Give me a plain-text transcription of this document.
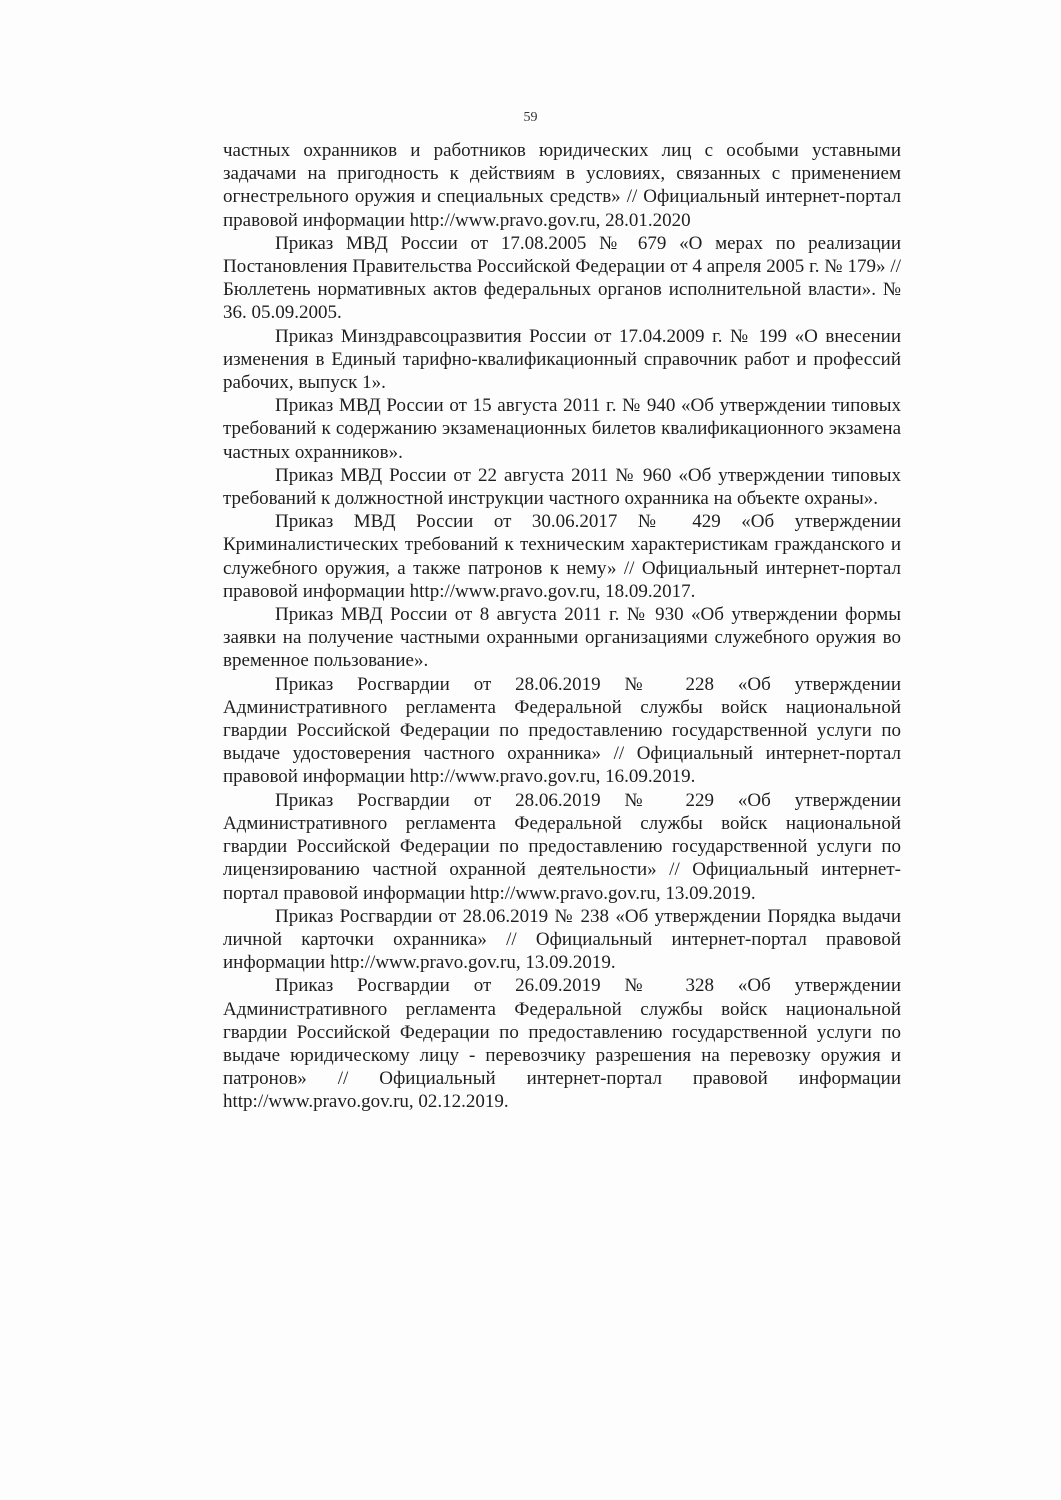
59

частных охранников и работников юридических лиц с особыми уставными задачами на пригодность к действиям в условиях, связанных с применением огнестрельного оружия и специальных средств» // Официальный интернет-портал правовой информации http://www.pravo.gov.ru, 28.01.2020

Приказ МВД России от 17.08.2005 № 679 «О мерах по реализации Постановления Правительства Российской Федерации от 4 апреля 2005 г. № 179» // Бюллетень нормативных актов федеральных органов исполнительной власти». № 36. 05.09.2005.

Приказ Минздравсоцразвития России от 17.04.2009 г. № 199 «О внесении изменения в Единый тарифно-квалификационный справочник работ и профессий рабочих, выпуск 1».

Приказ МВД России от 15 августа 2011 г. № 940 «Об утверждении типовых требований к содержанию экзаменационных билетов квалификационного экзамена частных охранников».

Приказ МВД России от 22 августа 2011 № 960 «Об утверждении типовых требований к должностной инструкции частного охранника на объекте охраны».

Приказ МВД России от 30.06.2017 № 429 «Об утверждении Криминалистических требований к техническим характеристикам гражданского и служебного оружия, а также патронов к нему» // Официальный интернет-портал правовой информации http://www.pravo.gov.ru, 18.09.2017.

Приказ МВД России от 8 августа 2011 г. № 930 «Об утверждении формы заявки на получение частными охранными организациями служебного оружия во временное пользование».

Приказ Росгвардии от 28.06.2019 № 228 «Об утверждении Административного регламента Федеральной службы войск национальной гвардии Российской Федерации по предоставлению государственной услуги по выдаче удостоверения частного охранника» // Официальный интернет-портал правовой информации http://www.pravo.gov.ru, 16.09.2019.

Приказ Росгвардии от 28.06.2019 № 229 «Об утверждении Административного регламента Федеральной службы войск национальной гвардии Российской Федерации по предоставлению государственной услуги по лицензированию частной охранной деятельности» // Официальный интернет-портал правовой информации http://www.pravo.gov.ru, 13.09.2019.

Приказ Росгвардии от 28.06.2019 № 238 «Об утверждении Порядка выдачи личной карточки охранника» // Официальный интернет-портал правовой информации http://www.pravo.gov.ru, 13.09.2019.

Приказ Росгвардии от 26.09.2019 № 328 «Об утверждении Административного регламента Федеральной службы войск национальной гвардии Российской Федерации по предоставлению государственной услуги по выдаче юридическому лицу - перевозчику разрешения на перевозку оружия и патронов» // Официальный интернет-портал правовой информации http://www.pravo.gov.ru, 02.12.2019.
